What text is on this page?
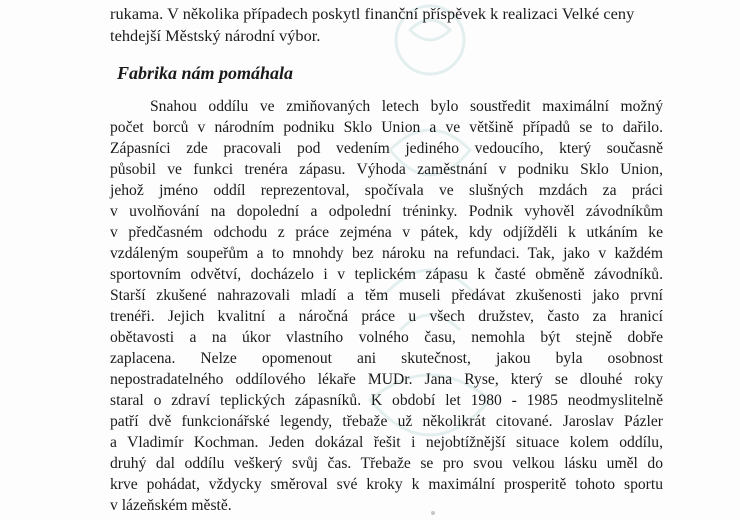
rukama. V několika případech poskytl finanční příspěvek k realizaci Velké ceny
tehdejší Městský národní výbor.
Fabrika nám pomáhala
Snahou oddílu ve zmiňovaných letech bylo soustředit maximální možný
počet borců v národním podniku Sklo Union a ve většině případů se to dařilo.
Zápasníci zde pracovali pod vedením jediného vedoucího, který současně
působil ve funkci trenéra zápasu. Výhoda zaměstnání v podniku Sklo Union,
jehož jméno oddíl reprezentoval, spočívala ve slušných mzdách za práci
v uvolňování na dopolední a odpolední tréninky. Podnik vyhověl závodníkům
v předčasném odchodu z práce zejména v pátek, kdy odjížděli k utkáním ke
vzdáleným soupeřům a to mnohdy bez nároku na refundaci. Tak, jako v každém
sportovním odvětví, docházelo i v teplickém zápasu k časté obměně závodníků.
Starší zkušené nahrazovali mladí a těm museli předávat zkušenosti jako první
trenéři. Jejich kvalitní a náročná práce u všech družstev, často za hranicí
obětavosti a na úkor vlastního volného času, nemohla být stejně dobře
zaplacena. Nelze opomenout ani skutečnost, jakou byla osobnost
nepostradatelného oddílového lékaře MUDr. Jana Ryse, který se dlouhé roky
staral o zdraví teplických zápasníků. K období let 1980 - 1985 neodmyslitelně
patří dvě funkcionářské legendy, třebaže už několikrát citované. Jaroslav Pázler
a Vladimír Kochman. Jeden dokázal řešit i nejobtížnější situace kolem oddílu,
druhý dal oddílu veškerý svůj čas. Třebaže se pro svou velkou lásku uměl do
krve pohádat, vždycky směroval své kroky k maximální prosperitě tohoto sportu
v lázeňském městě.
